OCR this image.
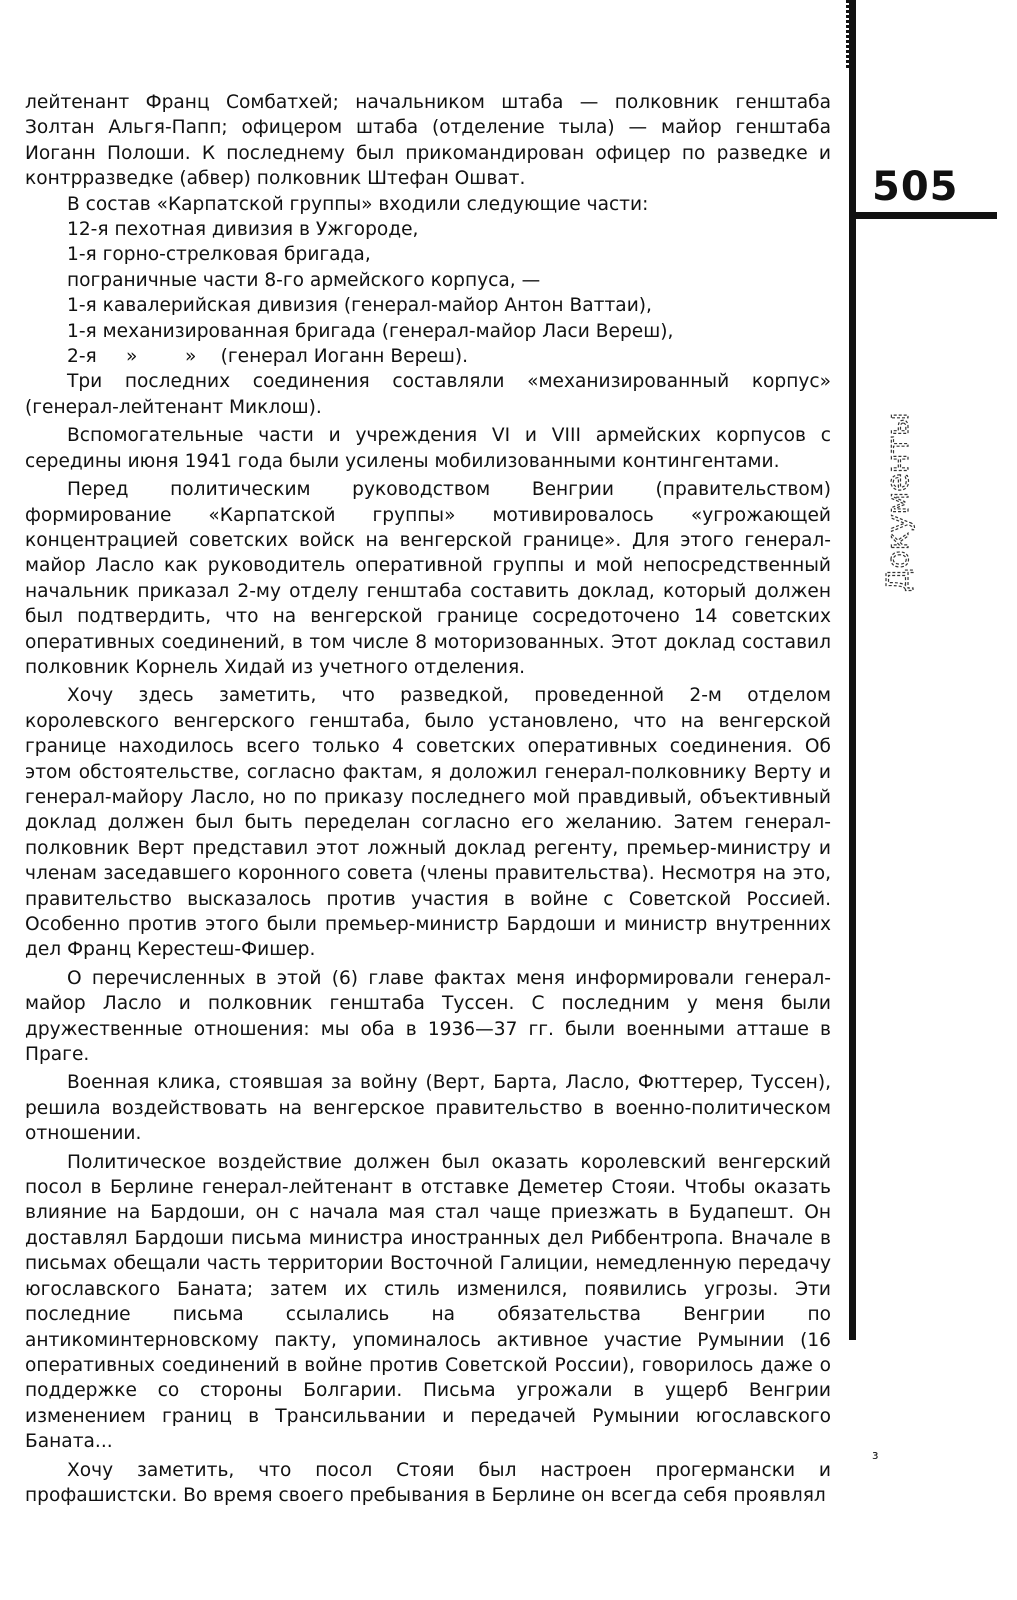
505
Документы
з

лейтенант Франц Сомбатхей; начальником штаба — полковник генштаба Золтан Альгя-Папп; офицером штаба (отделение тыла) — майор генштаба Иоганн Полоши. К последнему был прикомандирован офицер по разведке и контрразведке (абвер) полковник Штефан Ошват.

В состав «Карпатской группы» входили следующие части:

12-я пехотная дивизия в Ужгороде,

1-я горно-стрелковая бригада,

пограничные части 8-го армейского корпуса, —

1-я кавалерийская дивизия (генерал-майор Антон Ваттаи),

1-я механизированная бригада (генерал-майор Ласи Вереш),

2-я »	» (генерал Иоганн Вереш).

Три последних соединения составляли «механизированный корпус» (генерал-лейтенант Миклош).

Вспомогательные части и учреждения VI и VIII армейских корпусов с середины июня 1941 года были усилены мобилизованными контингентами.

Перед политическим руководством Венгрии (правительством) формирование «Карпатской группы» мотивировалось «угрожающей концентрацией советских войск на венгерской границе». Для этого генерал-майор Ласло как руководитель оперативной группы и мой непосредственный начальник приказал 2-му отделу генштаба составить доклад, который должен был подтвердить, что на венгерской границе сосредоточено 14 советских оперативных соединений, в том числе 8 моторизованных. Этот доклад составил полковник Корнель Хидай из учетного отделения.

Хочу здесь заметить, что разведкой, проведенной 2-м отделом королевского венгерского генштаба, было установлено, что на венгерской границе находилось всего только 4 советских оперативных соединения. Об этом обстоятельстве, согласно фактам, я доложил генерал-полковнику Верту и генерал-майору Ласло, но по приказу последнего мой правдивый, объективный доклад должен был быть переделан согласно его желанию. Затем генерал-полковник Верт представил этот ложный доклад регенту, премьер-министру и членам заседавшего коронного совета (члены правительства). Несмотря на это, правительство высказалось против участия в войне с Советской Россией. Особенно против этого были премьер-министр Бардоши и министр внутренних дел Франц Керестеш-Фишер.

О перечисленных в этой (6) главе фактах меня информировали генерал-майор Ласло и полковник генштаба Туссен. С последним у меня были дружественные отношения: мы оба в 1936—37 гг. были военными атташе в Праге.

Военная клика, стоявшая за войну (Верт, Барта, Ласло, Фюттерер, Туссен), решила воздействовать на венгерское правительство в военно-политическом отношении.

Политическое воздействие должен был оказать королевский венгерский посол в Берлине генерал-лейтенант в отставке Деметер Стояи. Чтобы оказать влияние на Бардоши, он с начала мая стал чаще приезжать в Будапешт. Он доставлял Бардоши письма министра иностранных дел Риббентропа. Вначале в письмах обещали часть территории Восточной Галиции, немедленную передачу югославского Баната; затем их стиль изменился, появились угрозы. Эти последние письма ссылались на обязательства Венгрии по антикоминтерновскому пакту, упоминалось активное участие Румынии (16 оперативных соединений в войне против Советской России), говорилось даже о поддержке со стороны Болгарии. Письма угрожали в ущерб Венгрии изменением границ в Трансильвании и передачей Румынии югославского Баната...

Хочу заметить, что посол Стояи был настроен прогермански и профашистски. Во время своего пребывания в Берлине он всегда себя проявлял
